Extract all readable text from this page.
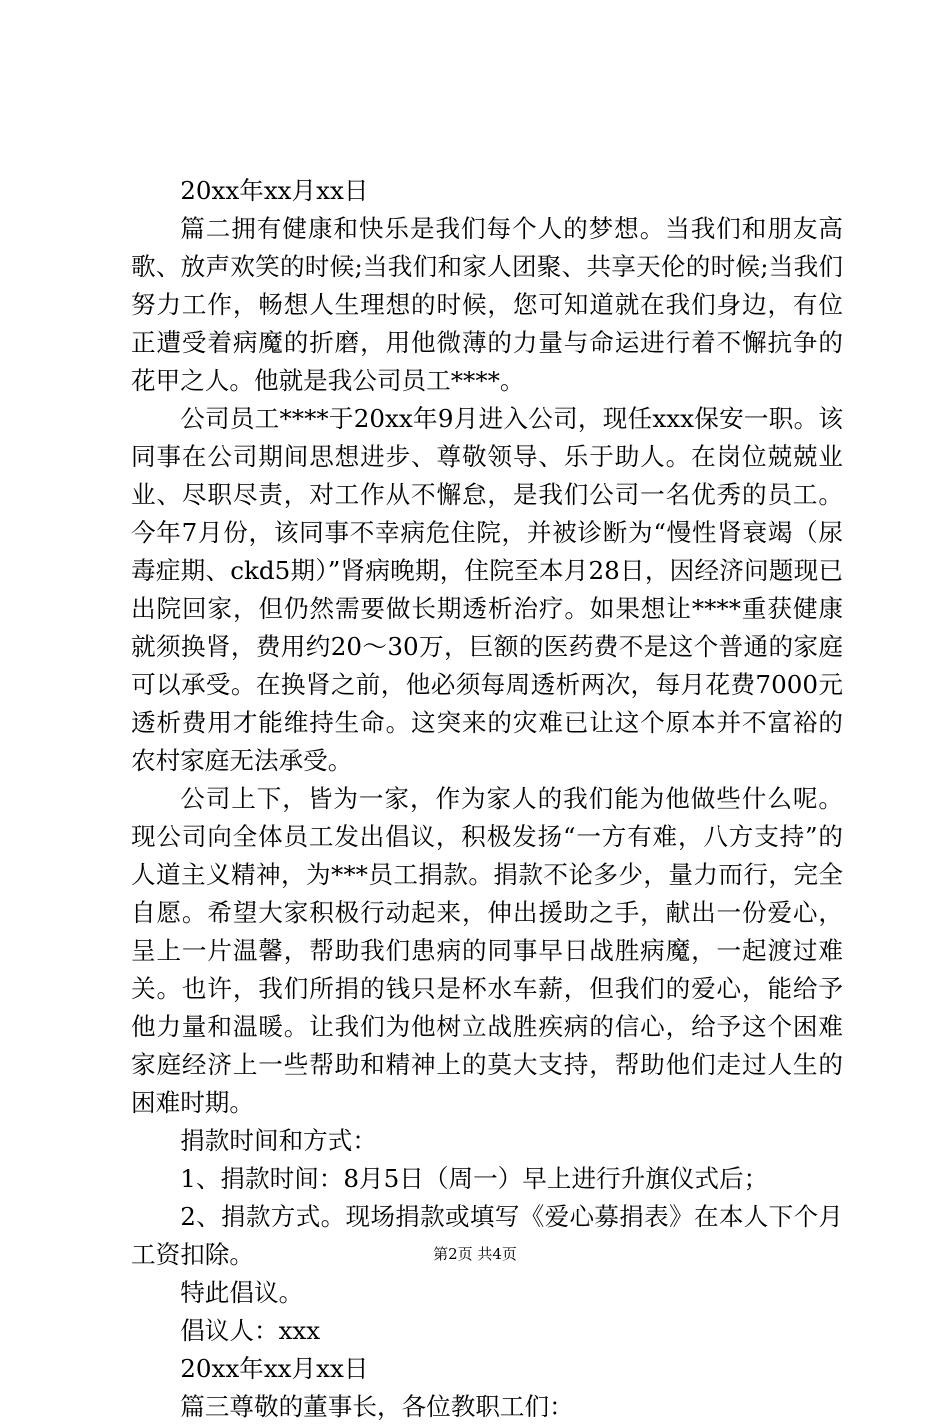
20xx年xx月xx日

篇二拥有健康和快乐是我们每个人的梦想。当我们和朋友高歌、放声欢笑的时候;当我们和家人团聚、共享天伦的时候;当我们努力工作，畅想人生理想的时候，您可知道就在我们身边，有位正遭受着病魔的折磨，用他微薄的力量与命运进行着不懈抗争的花甲之人。他就是我公司员工****。

公司员工****于20xx年9月进入公司，现任xxx保安一职。该同事在公司期间思想进步、尊敬领导、乐于助人。在岗位兢兢业业、尽职尽责，对工作从不懈怠，是我们公司一名优秀的员工。今年7月份，该同事不幸病危住院，并被诊断为“慢性肾衰竭（尿毒症期、ckd5期）”肾病晚期，住院至本月28日，因经济问题现已出院回家，但仍然需要做长期透析治疗。如果想让****重获健康就须换肾，费用约20～30万，巨额的医药费不是这个普通的家庭可以承受。在换肾之前，他必须每周透析两次，每月花费7000元透析费用才能维持生命。这突来的灾难已让这个原本并不富裕的农村家庭无法承受。

公司上下，皆为一家，作为家人的我们能为他做些什么呢。现公司向全体员工发出倡议，积极发扬“一方有难，八方支持”的人道主义精神，为***员工捐款。捐款不论多少，量力而行，完全自愿。希望大家积极行动起来，伸出援助之手，献出一份爱心，呈上一片温馨，帮助我们患病的同事早日战胜病魔，一起渡过难关。也许，我们所捐的钱只是杯水车薪，但我们的爱心，能给予他力量和温暖。让我们为他树立战胜疾病的信心，给予这个困难家庭经济上一些帮助和精神上的莫大支持，帮助他们走过人生的困难时期。

捐款时间和方式：

1、捐款时间：8月5日（周一）早上进行升旗仪式后；

2、捐款方式。现场捐款或填写《爱心募捐表》在本人下个月工资扣除。

特此倡议。

倡议人：xxx

20xx年xx月xx日

篇三尊敬的董事长，各位教职工们：

第2页 共4页
